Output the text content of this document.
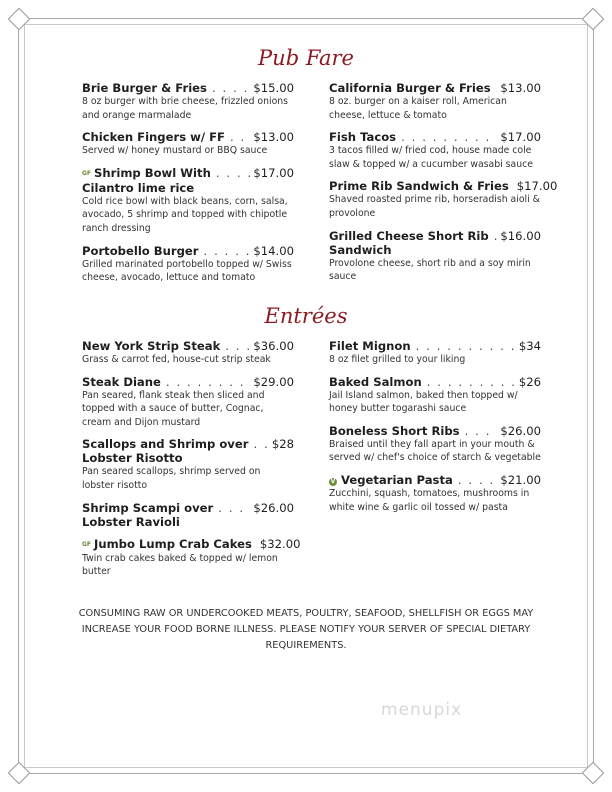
Pub Fare
Brie Burger & Fries . . .	$15.00
8 oz burger with brie cheese, frizzled onions and orange marmalade
Chicken Fingers w/ FF . . . $13.00
Served w/ honey mustard or BBQ sauce
GF Shrimp Bowl With . . .	$17.00
Cilantro lime rice
Cold rice bowl with black beans, corn, salsa, avocado, 5 shrimp and topped with chipotle ranch dressing
Portobello Burger . . .	$14.00
Grilled marinated portobello topped w/ Swiss cheese, avocado, lettuce and tomato
California Burger & Fries . . . $13.00
8 oz. burger on a kaiser roll, American cheese, lettuce & tomato
Fish Tacos . . .	$17.00
3 tacos filled w/ fried cod, house made cole slaw & topped w/ a cucumber wasabi sauce
Prime Rib Sandwich & Fries $17.00
Shaved roasted prime rib, horseradish aioli & provolone
Grilled Cheese Short Rib . . . $16.00
Sandwich
Provolone cheese, short rib and a soy mirin sauce
Entrées
New York Strip Steak . . .	$36.00
Grass & carrot fed, house-cut strip steak
Steak Diane . . .	$29.00
Pan seared, flank steak then sliced and topped with a sauce of butter, Cognac, cream and Dijon mustard
Scallops and Shrimp over . . . $28
Lobster Risotto
Pan seared scallops, shrimp served on lobster risotto
Shrimp Scampi over . . .	$26.00
Lobster Ravioli
GF Jumbo Lump Crab Cakes $32.00
Twin crab cakes baked & topped w/ lemon butter
Filet Mignon . . .	$34
8 oz filet grilled to your liking
Baked Salmon . . .	$26
Jail Island salmon, baked then topped w/ honey butter togarashi sauce
Boneless Short Ribs . . .	$26.00
Braised until they fall apart in your mouth & served w/ chef's choice of starch & vegetable
V Vegetarian Pasta . . .	$21.00
Zucchini, squash, tomatoes, mushrooms in white wine & garlic oil tossed w/ pasta
CONSUMING RAW OR UNDERCOOKED MEATS, POULTRY, SEAFOOD, SHELLFISH OR EGGS MAY INCREASE YOUR FOOD BORNE ILLNESS. PLEASE NOTIFY YOUR SERVER OF SPECIAL DIETARY REQUIREMENTS.
menupix
